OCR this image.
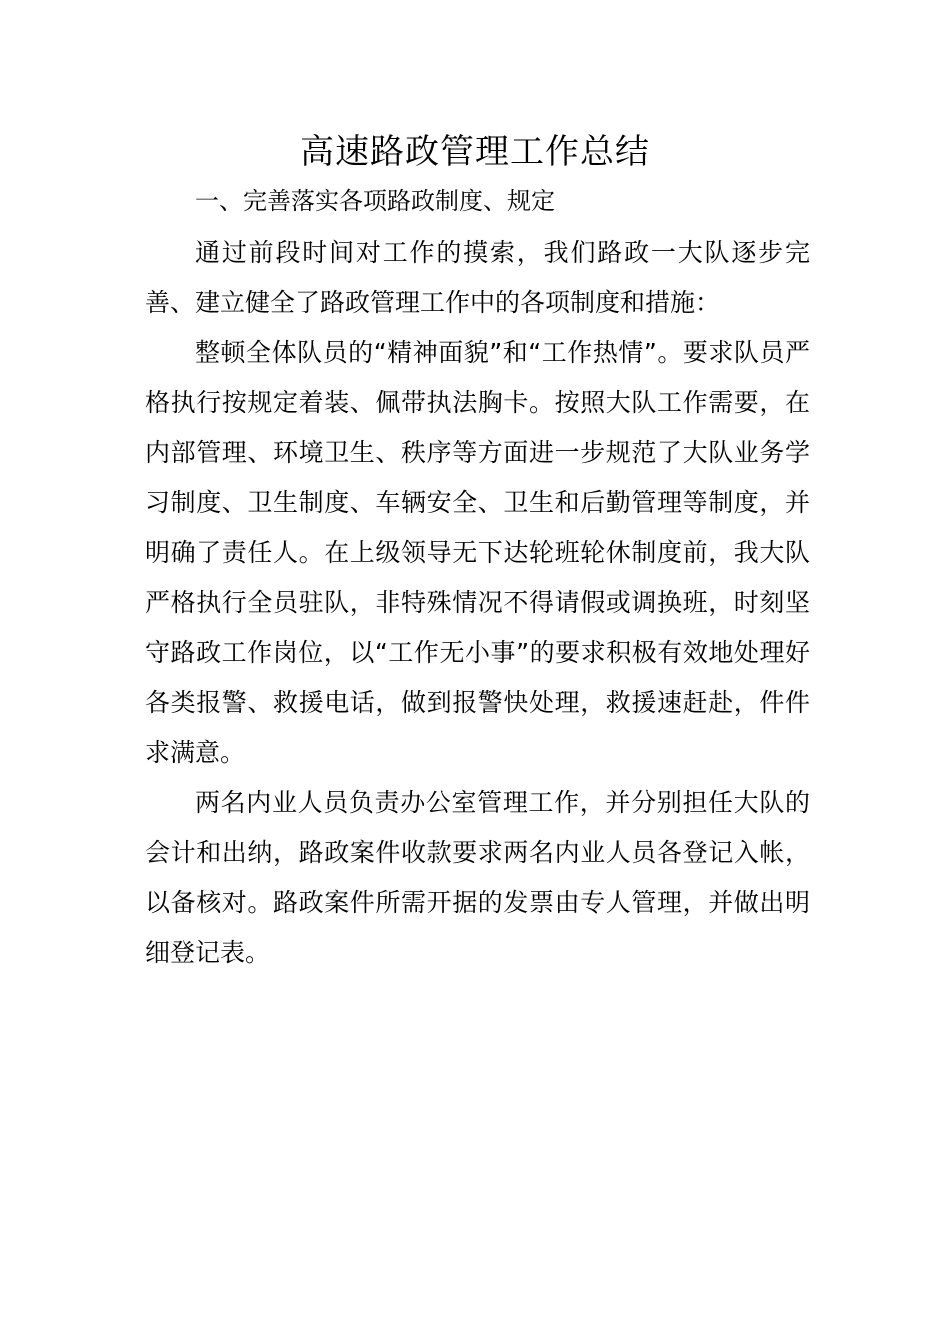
高速路政管理工作总结
一、完善落实各项路政制度、规定

通过前段时间对工作的摸索，我们路政一大队逐步完善、建立健全了路政管理工作中的各项制度和措施：

整顿全体队员的“精神面貌”和“工作热情”。要求队员严格执行按规定着装、佩带执法胸卡。按照大队工作需要，在内部管理、环境卫生、秩序等方面进一步规范了大队业务学习制度、卫生制度、车辆安全、卫生和后勤管理等制度，并明确了责任人。在上级领导无下达轮班轮休制度前，我大队严格执行全员驻队，非特殊情况不得请假或调换班，时刻坚守路政工作岗位，以“工作无小事”的要求积极有效地处理好各类报警、救援电话，做到报警快处理，救援速赶赴，件件求满意。

两名内业人员负责办公室管理工作，并分别担任大队的会计和出纳，路政案件收款要求两名内业人员各登记入帐，以备核对。路政案件所需开据的发票由专人管理，并做出明细登记表。
